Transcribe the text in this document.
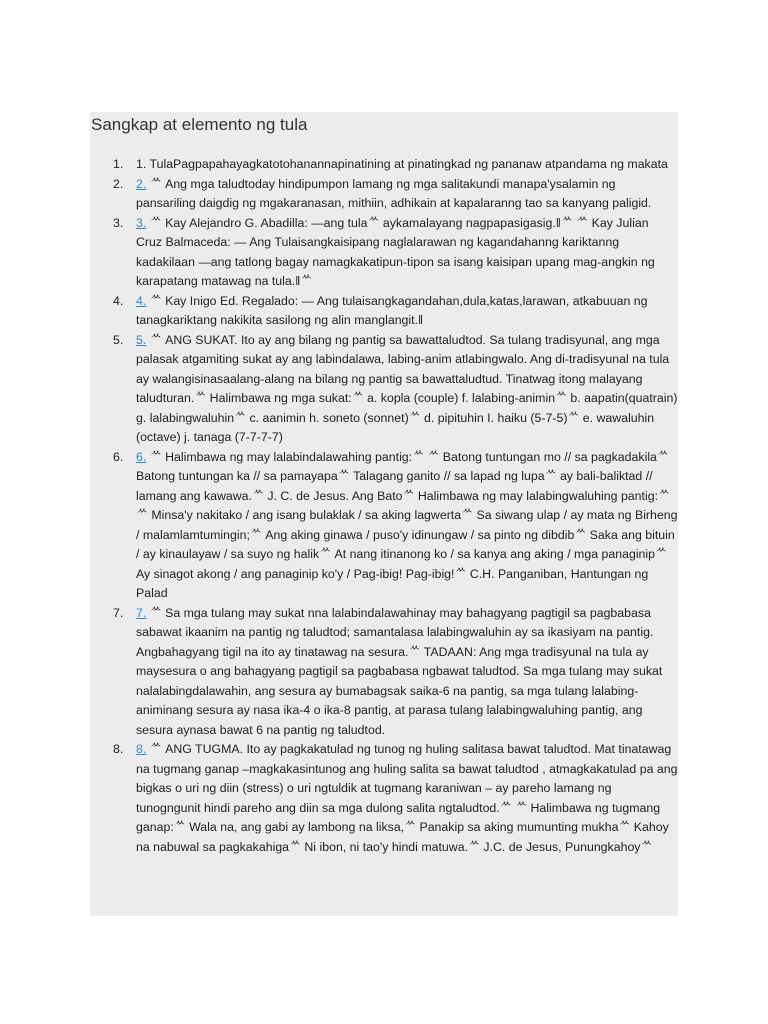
Sangkap at elemento ng tula
1. 1. TulaPagpapahayagkatotohanannapinatining at pinatingkad ng pananaw atpandama ng makata
2. 2. ᄊ Ang mga taludtoday hindipumpon lamang ng mga salitakundi manapa'ysalamin ng pansariling daigdig ng mgakaranasan, mithiin, adhikain at kapalaranng tao sa kanyang paligid.
3. 3. ᄊ Kay Alejandro G. Abadilla: —ang tulaᄊ aykamalayang nagpapasigasig.‖ᄊ ᄊ Kay Julian Cruz Balmaceda: — Ang Tulaisangkaisipang naglalarawan ng kagandahanng kariktanng kadakilaan —ang tatlong bagay namagkakatipun-tipon sa isang kaisipan upang mag-angkin ng karapatang matawag na tula.‖ᄊ
4. 4. ᄊ Kay Inigo Ed. Regalado: — Ang tulaisangkagandahan,dula,katas,larawan, atkabuuan ng tanagkariktang nakikita sasilong ng alin manglangit.‖
5. 5. ᄊ ANG SUKAT. Ito ay ang bilang ng pantig sa bawattaludtod. Sa tulang tradisyunal, ang mga palasak atgamiting sukat ay ang labindalawa, labing-anim atlabingwalo. Ang di-tradisyunal na tula ay walangisinasaalang-alang na bilang ng pantig sa bawattaludtud. Tinatwag itong malayang taludturan.ᄊ Halimbawa ng mga sukat:ᄊ a. kopla (couple) f. lalabing-animinᄊ b. aapatin(quatrain) g. lalabingwaluhinᄊ c. aanimin h. soneto (sonnet)ᄊ d. pipituhin I. haiku (5-7-5)ᄊ e. wawaluhin (octave) j. tanaga (7-7-7-7)
6. 6. ᄊ Halimbawa ng may lalabindalawahing pantig:ᄊ ᄊ Batong tuntungan mo // sa pagkadakilaᄊ Batong tuntungan ka // sa pamayapaᄊ Talagang ganito // sa lapad ng lupaᄊ ay bali-baliktad // lamang ang kawawa.ᄊ J. C. de Jesus. Ang Batoᄊ Halimbawa ng may lalabingwaluhing pantig:ᄊ ᄊ Minsa'y nakitako / ang isang bulaklak / sa aking lagwertaᄊ Sa siwang ulap / ay mata ng Birheng / malamlamtumingin;ᄊ Ang aking ginawa / puso'y idinungaw / sa pinto ng dibdibᄊ Saka ang bituin / ay kinaulayaw / sa suyo ng halikᄊ At nang itinanong ko / sa kanya ang aking / mga panaginipᄊ Ay sinagot akong / ang panaginip ko'y / Pag-ibig! Pag-ibig!ᄊ C.H. Panganiban, Hantungan ng Palad
7. 7. ᄊ Sa mga tulang may sukat nna lalabindalawahinay may bahagyang pagtigil sa pagbabasa sabawat ikaanim na pantig ng taludtod; samantalasa lalabingwaluhin ay sa ikasiyam na pantig. Angbahagyang tigil na ito ay tinatawag na sesura.ᄊ TADAAN: Ang mga tradisyunal na tula ay maysesura o ang bahagyang pagtigil sa pagbabasa ngbawat taludtod. Sa mga tulang may sukat nalalabingdalawahin, ang sesura ay bumabagsak saika-6 na pantig, sa mga tulang lalabing-animinang sesura ay nasa ika-4 o ika-8 pantig, at parasa tulang lalabingwaluhing pantig, ang sesura aynasa bawat 6 na pantig ng taludtod.
8. 8. ᄊ ANG TUGMA. Ito ay pagkakatulad ng tunog ng huling salitasa bawat taludtod. Mat tinatawag na tugmang ganap –magkakasintunog ang huling salita sa bawat taludtod , atmagkakatulad pa ang bigkas o uri ng diin (stress) o uri ngtuldik at tugmang karaniwan – ay pareho lamang ng tunogngunit hindi pareho ang diin sa mga dulong salita ngtaludtod.ᄊ ᄊ Halimbawa ng tugmang ganap:ᄊ Wala na, ang gabi ay lambong na liksa,ᄊ Panakip sa aking mumunting mukhaᄊ Kahoy na nabuwal sa pagkakahigaᄊ Ni ibon, ni tao'y hindi matuwa.ᄊ J.C. de Jesus, Punungkahoyᄊ
